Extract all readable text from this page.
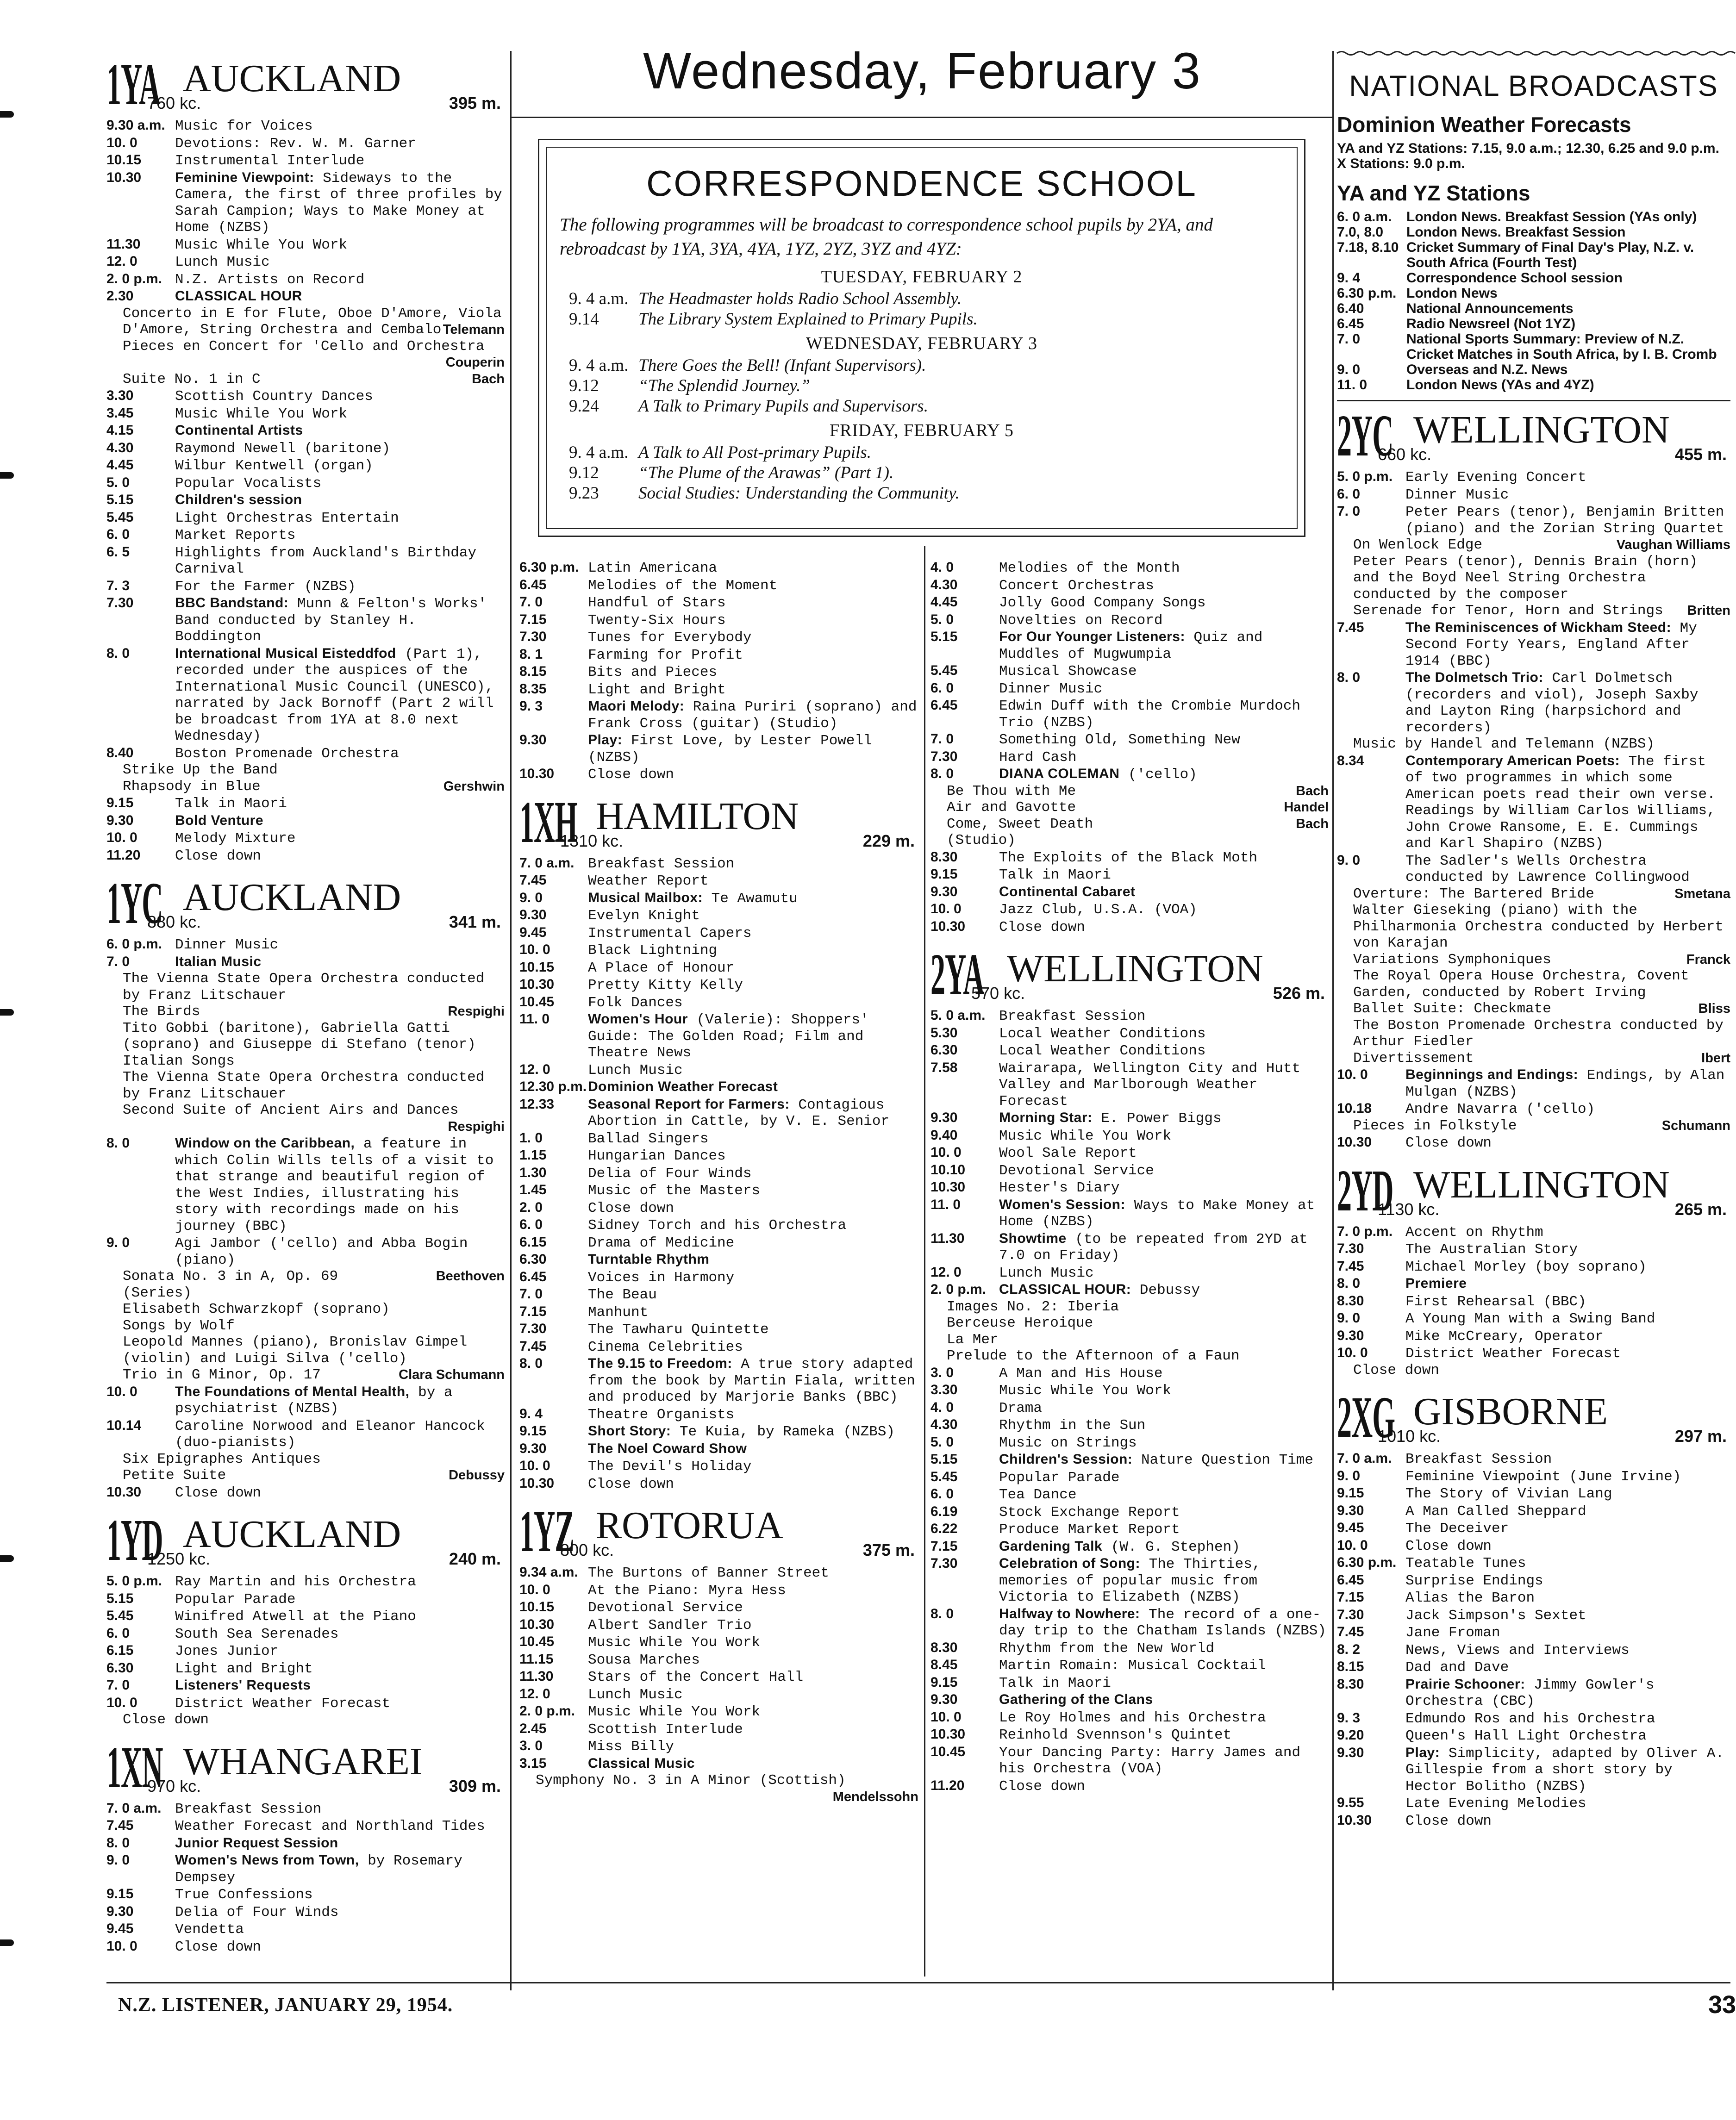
Wednesday, February 3
CORRESPONDENCE SCHOOL
The following programmes will be broadcast to correspondence school pupils by 2YA, and rebroadcast by 1YA, 3YA, 4YA, 1YZ, 2YZ, 3YZ and 4YZ:
TUESDAY, FEBRUARY 2
9. 4 a.m. The Headmaster holds Radio School Assembly.
9.14	The Library System Explained to Primary Pupils.
WEDNESDAY, FEBRUARY 3
9. 4 a.m. There Goes the Bell! (Infant Supervisors).
9.12	“The Splendid Journey.”
9.24	A Talk to Primary Pupils and Supervisors.
FRIDAY, FEBRUARY 5
9. 4 a.m. A Talk to All Post-primary Pupils.
9.12	“The Plume of the Arawas” (Part 1).
9.23	Social Studies: Understanding the Community.
1YA AUCKLAND
760 kc.	395 m.
9.30 a.m. Music for Voices
10. 0	Devotions: Rev. W. M. Garner
10.15	Instrumental Interlude
10.30	Feminine Viewpoint: Sideways to the Camera, the first of three profiles by Sarah Campion; Ways to Make Money at Home (NZBS)
11.30	Music While You Work
12. 0	Lunch Music
2. 0 p.m. N.Z. Artists on Record
2.30	CLASSICAL HOUR
Concerto in E for Flute, Oboe D'Amore, Viola D'Amore, String Orchestra and Cembalo Telemann
Pieces en Concert for 'Cello and Orchestra
Couperin
Suite No. 1 in C	Bach
3.30	Scottish Country Dances
3.45	Music While You Work
4.15	Continental Artists
4.30	Raymond Newell (baritone)
4.45	Wilbur Kentwell (organ)
5. 0	Popular Vocalists
5.15	Children's session
5.45	Light Orchestras Entertain
6. 0	Market Reports
6. 5	Highlights from Auckland's Birthday Carnival
7. 3	For the Farmer (NZBS)
7.30	BBC Bandstand: Munn & Felton's Works' Band conducted by Stanley H. Boddington
8. 0	International Musical Eisteddfod (Part 1), recorded under the auspices of the International Music Council (UNESCO), narrated by Jack Bornoff (Part 2 will be broadcast from 1YA at 8.0 next Wednesday)
8.40	Boston Promenade Orchestra
Strike Up the Band
Rhapsody in Blue	Gershwin
9.15	Talk in Maori
9.30	Bold Venture
10. 0	Melody Mixture
11.20	Close down
1YC AUCKLAND
880 kc.	341 m.
6. 0 p.m. Dinner Music
7. 0	Italian Music
The Vienna State Opera Orchestra conducted by Franz Litschauer
The Birds	Respighi
Tito Gobbi (baritone), Gabriella Gatti (soprano) and Giuseppe di Stefano (tenor)
Italian Songs
The Vienna State Opera Orchestra conducted by Franz Litschauer
Second Suite of Ancient Airs and Dances
Respighi
8. 0	Window on the Caribbean, a feature in which Colin Wills tells of a visit to that strange and beautiful region of the West Indies, illustrating his story with recordings made on his journey (BBC)
9. 0	Agi Jambor ('cello) and Abba Bogin (piano)
Sonata No. 3 in A, Op. 69	Beethoven
(Series)
Elisabeth Schwarzkopf (soprano)
Songs by Wolf
Leopold Mannes (piano), Bronislav Gimpel (violin) and Luigi Silva ('cello)
Trio in G Minor, Op. 17	Clara Schumann
10. 0	The Foundations of Mental Health, by a psychiatrist (NZBS)
10.14	Caroline Norwood and Eleanor Hancock (duo-pianists)
Six Epigraphes Antiques
Petite Suite	Debussy
10.30	Close down
1YD AUCKLAND
1250 kc.	240 m.
5. 0 p.m. Ray Martin and his Orchestra
5.15	Popular Parade
5.45	Winifred Atwell at the Piano
6. 0	South Sea Serenades
6.15	Jones Junior
6.30	Light and Bright
7. 0	Listeners' Requests
10. 0	District Weather Forecast
Close down
1XN WHANGAREI
970 kc.	309 m.
7. 0 a.m. Breakfast Session
7.45	Weather Forecast and Northland Tides
8. 0	Junior Request Session
9. 0	Women's News from Town, by Rosemary Dempsey
9.15	True Confessions
9.30	Delia of Four Winds
9.45	Vendetta
10. 0	Close down
6.30 p.m. Latin Americana
6.45	Melodies of the Moment
7. 0	Handful of Stars
7.15	Twenty-Six Hours
7.30	Tunes for Everybody
8. 1	Farming for Profit
8.15	Bits and Pieces
8.35	Light and Bright
9. 3	Maori Melody: Raina Puriri (soprano) and Frank Cross (guitar) (Studio)
9.30	Play: First Love, by Lester Powell (NZBS)
10.30	Close down
1XH HAMILTON
1310 kc.	229 m.
7. 0 a.m. Breakfast Session
7.45	Weather Report
9. 0	Musical Mailbox: Te Awamutu
9.30	Evelyn Knight
9.45	Instrumental Capers
10. 0	Black Lightning
10.15	A Place of Honour
10.30	Pretty Kitty Kelly
10.45	Folk Dances
11. 0	Women's Hour (Valerie): Shoppers' Guide: The Golden Road; Film and Theatre News
12. 0	Lunch Music
12.30 p.m. Dominion Weather Forecast
12.33	Seasonal Report for Farmers: Contagious Abortion in Cattle, by V. E. Senior
1. 0	Ballad Singers
1.15	Hungarian Dances
1.30	Delia of Four Winds
1.45	Music of the Masters
2. 0	Close down
6. 0	Sidney Torch and his Orchestra
6.15	Drama of Medicine
6.30	Turntable Rhythm
6.45	Voices in Harmony
7. 0	The Beau
7.15	Manhunt
7.30	The Tawharu Quintette
7.45	Cinema Celebrities
8. 0	The 9.15 to Freedom: A true story adapted from the book by Martin Fiala, written and produced by Marjorie Banks (BBC)
9. 4	Theatre Organists
9.15	Short Story: Te Kuia, by Rameka (NZBS)
9.30	The Noel Coward Show
10. 0	The Devil's Holiday
10.30	Close down
1YZ ROTORUA
800 kc.	375 m.
9.34 a.m. The Burtons of Banner Street
10. 0	At the Piano: Myra Hess
10.15	Devotional Service
10.30	Albert Sandler Trio
10.45	Music While You Work
11.15	Sousa Marches
11.30	Stars of the Concert Hall
12. 0	Lunch Music
2. 0 p.m. Music While You Work
2.45	Scottish Interlude
3. 0	Miss Billy
3.15	Classical Music
Symphony No. 3 in A Minor (Scottish)
Mendelssohn
4. 0	Melodies of the Month
4.30	Concert Orchestras
4.45	Jolly Good Company Songs
5. 0	Novelties on Record
5.15	For Our Younger Listeners: Quiz and Muddles of Mugwumpia
5.45	Musical Showcase
6. 0	Dinner Music
6.45	Edwin Duff with the Crombie Murdoch Trio (NZBS)
7. 0	Something Old, Something New
7.30	Hard Cash
8. 0	DIANA COLEMAN ('cello)
Be Thou with Me	Bach
Air and Gavotte	Handel
Come, Sweet Death	Bach
(Studio)
8.30	The Exploits of the Black Moth
9.15	Talk in Maori
9.30	Continental Cabaret
10. 0	Jazz Club, U.S.A. (VOA)
10.30	Close down
2YA WELLINGTON
570 kc.	526 m.
5. 0 a.m. Breakfast Session
5.30	Local Weather Conditions
6.30	Local Weather Conditions
7.58	Wairarapa, Wellington City and Hutt Valley and Marlborough Weather Forecast
9.30	Morning Star: E. Power Biggs
9.40	Music While You Work
10. 0	Wool Sale Report
10.10	Devotional Service
10.30	Hester's Diary
11. 0	Women's Session: Ways to Make Money at Home (NZBS)
11.30	Showtime (to be repeated from 2YD at 7.0 on Friday)
12. 0	Lunch Music
2. 0 p.m. CLASSICAL HOUR: Debussy
Images No. 2: Iberia
Berceuse Heroique
La Mer
Prelude to the Afternoon of a Faun
3. 0	A Man and His House
3.30	Music While You Work
4. 0	Drama
4.30	Rhythm in the Sun
5. 0	Music on Strings
5.15	Children's Session: Nature Question Time
5.45	Popular Parade
6. 0	Tea Dance
6.19	Stock Exchange Report
6.22	Produce Market Report
7.15	Gardening Talk (W. G. Stephen)
7.30	Celebration of Song: The Thirties, memories of popular music from Victoria to Elizabeth (NZBS)
8. 0	Halfway to Nowhere: The record of a one-day trip to the Chatham Islands (NZBS)
8.30	Rhythm from the New World
8.45	Martin Romain: Musical Cocktail
9.15	Talk in Maori
9.30	Gathering of the Clans
10. 0	Le Roy Holmes and his Orchestra
10.30	Reinhold Svennson's Quintet
10.45	Your Dancing Party: Harry James and his Orchestra (VOA)
11.20	Close down
NATIONAL BROADCASTS
Dominion Weather Forecasts
YA and YZ Stations: 7.15, 9.0 a.m.; 12.30, 6.25 and 9.0 p.m.
X Stations: 9.0 p.m.
YA and YZ Stations
6. 0 a.m.	London News. Breakfast Session (YAs only)
7.0, 8.0	London News. Breakfast Session
7.18, 8.10 Cricket Summary of Final Day's Play, N.Z. v. South Africa (Fourth Test)
9. 4	Correspondence School session
6.30 p.m. London News
6.40	National Announcements
6.45	Radio Newsreel (Not 1YZ)
7. 0	National Sports Summary: Preview of N.Z. Cricket Matches in South Africa, by I. B. Cromb
9. 0	Overseas and N.Z. News
11. 0	London News (YAs and 4YZ)
2YC WELLINGTON
660 kc.	455 m.
5. 0 p.m. Early Evening Concert
6. 0	Dinner Music
7. 0	Peter Pears (tenor), Benjamin Britten (piano) and the Zorian String Quartet
On Wenlock Edge	Vaughan Williams
Peter Pears (tenor), Dennis Brain (horn) and the Boyd Neel String Orchestra conducted by the composer
Serenade for Tenor, Horn and Strings Britten
7.45	The Reminiscences of Wickham Steed: My Second Forty Years, England After 1914 (BBC)
8. 0	The Dolmetsch Trio: Carl Dolmetsch (recorders and viol), Joseph Saxby and Layton Ring (harpsichord and recorders)
Music by Handel and Telemann (NZBS)
8.34	Contemporary American Poets: The first of two programmes in which some American poets read their own verse. Readings by William Carlos Williams, John Crowe Ransome, E. E. Cummings and Karl Shapiro (NZBS)
9. 0	The Sadler's Wells Orchestra conducted by Lawrence Collingwood
Overture: The Bartered Bride	Smetana
Walter Gieseking (piano) with the Philharmonia Orchestra conducted by Herbert von Karajan
Variations Symphoniques	Franck
The Royal Opera House Orchestra, Covent Garden, conducted by Robert Irving
Ballet Suite: Checkmate	Bliss
The Boston Promenade Orchestra conducted by Arthur Fiedler
Divertissement	Ibert
10. 0	Beginnings and Endings: Endings, by Alan Mulgan (NZBS)
10.18	Andre Navarra ('cello)
Pieces in Folkstyle	Schumann
10.30	Close down
2YD WELLINGTON
1130 kc.	265 m.
7. 0 p.m. Accent on Rhythm
7.30	The Australian Story
7.45	Michael Morley (boy soprano)
8. 0	Premiere
8.30	First Rehearsal (BBC)
9. 0	A Young Man with a Swing Band
9.30	Mike McCreary, Operator
10. 0	District Weather Forecast
Close down
2XG GISBORNE
1010 kc.	297 m.
7. 0 a.m. Breakfast Session
9. 0	Feminine Viewpoint (June Irvine)
9.15	The Story of Vivian Lang
9.30	A Man Called Sheppard
9.45	The Deceiver
10. 0	Close down
6.30 p.m. Teatable Tunes
6.45	Surprise Endings
7.15	Alias the Baron
7.30	Jack Simpson's Sextet
7.45	Jane Froman
8. 2	News, Views and Interviews
8.15	Dad and Dave
8.30	Prairie Schooner: Jimmy Gowler's Orchestra (CBC)
9. 3	Edmundo Ros and his Orchestra
9.20	Queen's Hall Light Orchestra
9.30	Play: Simplicity, adapted by Oliver A. Gillespie from a short story by Hector Bolitho (NZBS)
9.55	Late Evening Melodies
10.30	Close down
N.Z. LISTENER, JANUARY 29, 1954.	33
